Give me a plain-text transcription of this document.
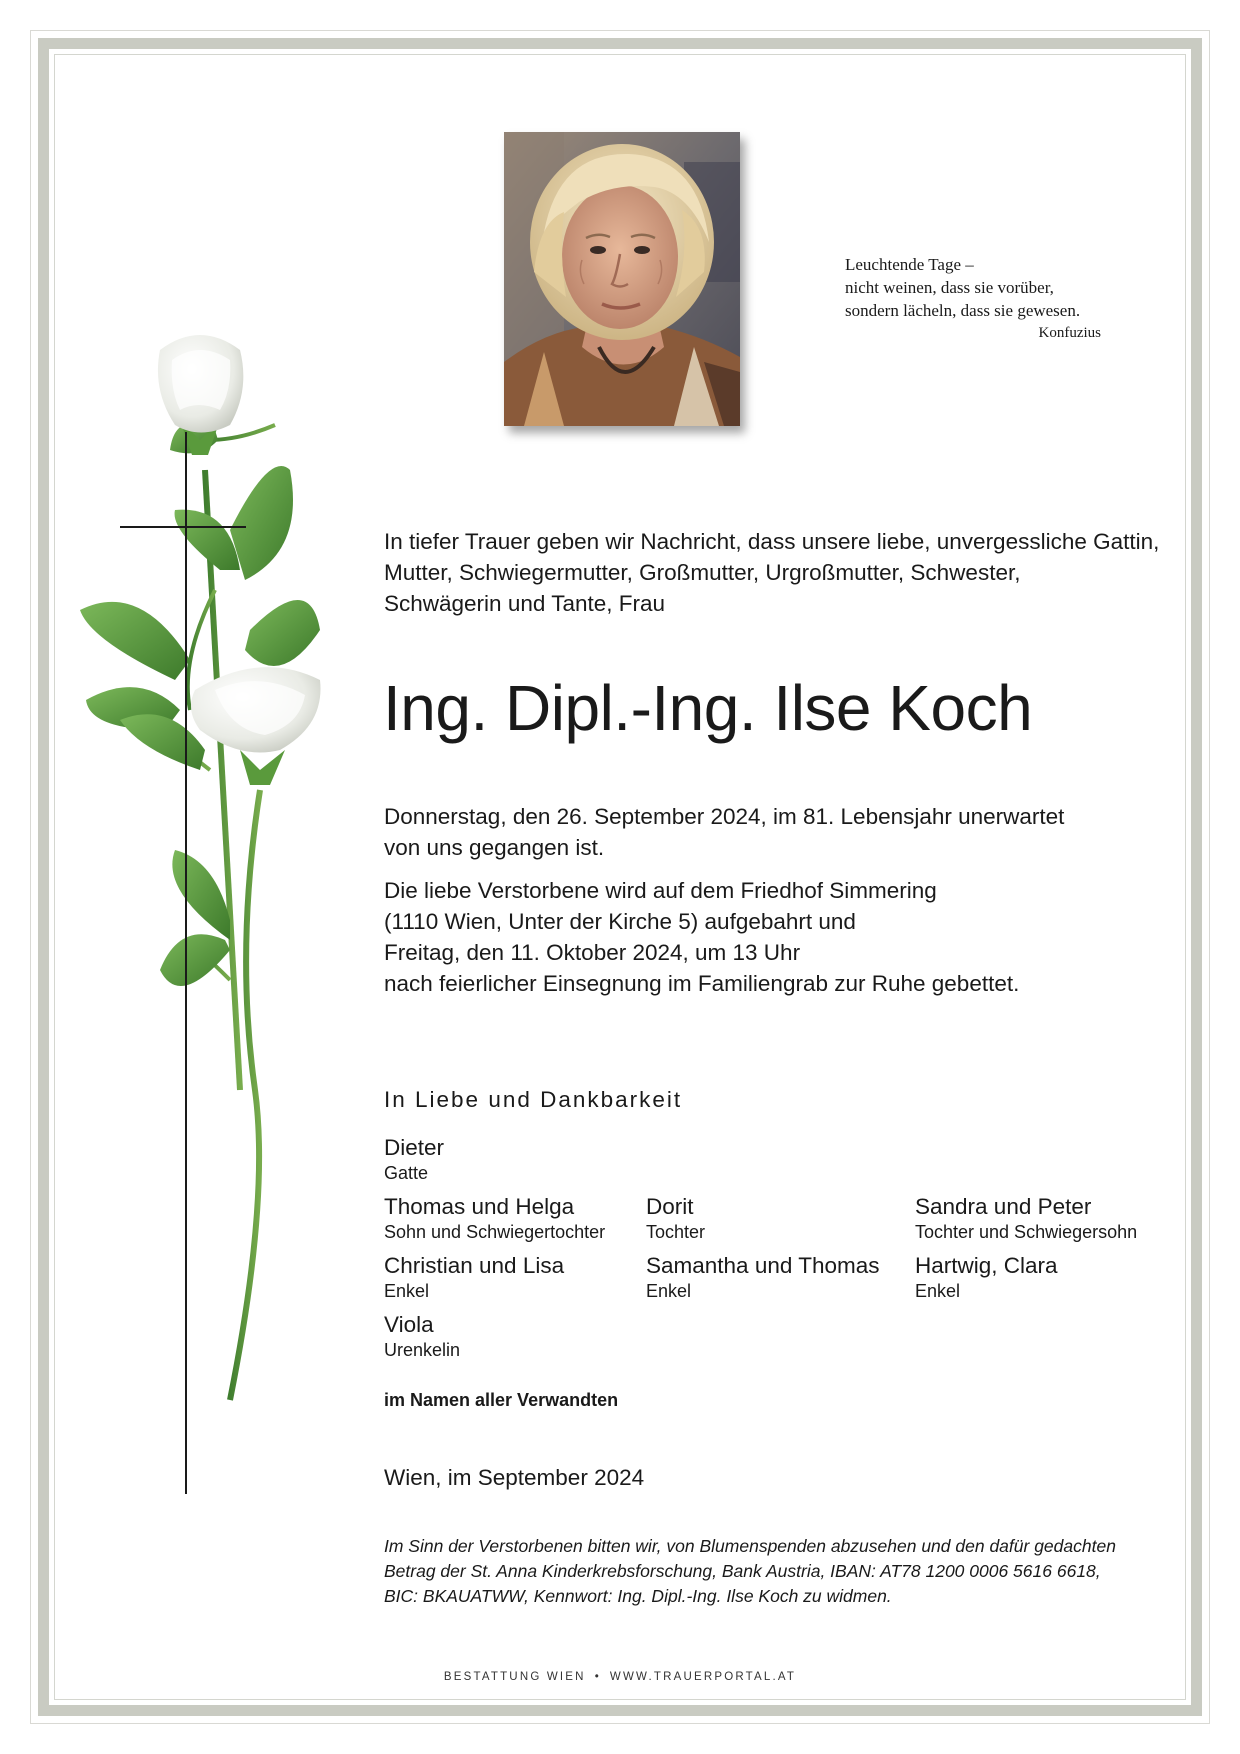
Leuchtende Tage –
nicht weinen, dass sie vorüber,
sondern lächeln, dass sie gewesen.
Konfuzius
In tiefer Trauer geben wir Nachricht, dass unsere liebe, unvergessliche Gattin,
Mutter, Schwiegermutter, Großmutter, Urgroßmutter, Schwester,
Schwägerin und Tante, Frau
Ing. Dipl.-Ing. Ilse Koch
Donnerstag, den 26. September 2024, im 81. Lebensjahr unerwartet
von uns gegangen ist.
Die liebe Verstorbene wird auf dem Friedhof Simmering
(1110 Wien, Unter der Kirche 5) aufgebahrt und
Freitag, den 11. Oktober 2024, um 13 Uhr
nach feierlicher Einsegnung im Familiengrab zur Ruhe gebettet.
In Liebe und Dankbarkeit
Dieter
Gatte
Thomas und Helga
Sohn und Schwiegertochter
Dorit
Tochter
Sandra und Peter
Tochter und Schwiegersohn
Christian und Lisa
Enkel
Samantha und Thomas
Enkel
Hartwig, Clara
Enkel
Viola
Urenkelin
im Namen aller Verwandten
Wien, im September 2024
Im Sinn der Verstorbenen bitten wir, von Blumenspenden abzusehen und den dafür gedachten
Betrag der St. Anna Kinderkrebsforschung, Bank Austria, IBAN: AT78 1200 0006 5616 6618,
BIC: BKAUATWW, Kennwort: Ing. Dipl.-Ing. Ilse Koch zu widmen.
BESTATTUNG WIEN • WWW.TRAUERPORTAL.AT
